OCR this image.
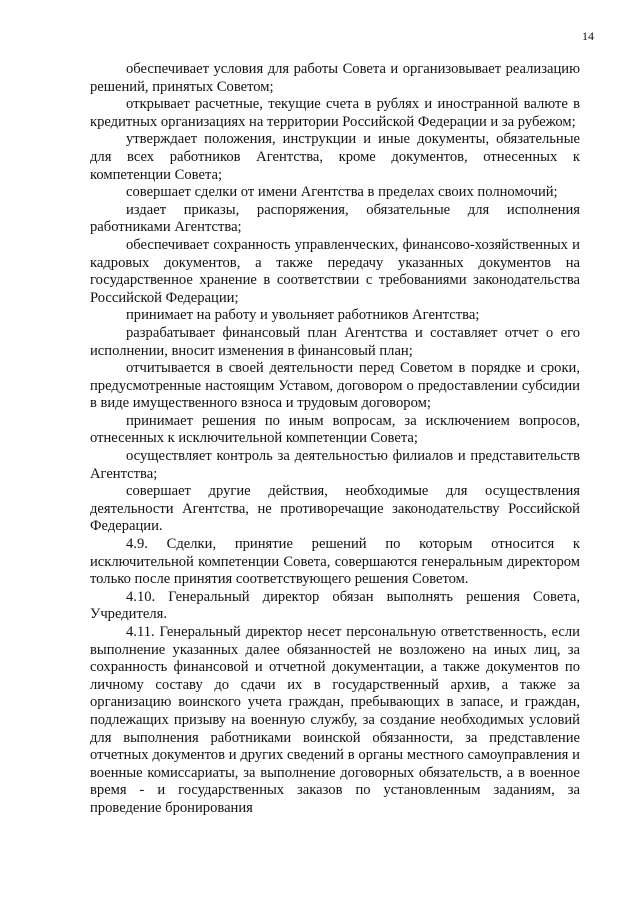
14

обеспечивает условия для работы Совета и организовывает реализацию решений, принятых Советом;

открывает расчетные, текущие счета в рублях и иностранной валюте в кредитных организациях на территории Российской Федерации и за рубежом;

утверждает положения, инструкции и иные документы, обязательные для всех работников Агентства, кроме документов, отнесенных к компетенции Совета;

совершает сделки от имени Агентства в пределах своих полномочий;

издает приказы, распоряжения, обязательные для исполнения работниками Агентства;

обеспечивает сохранность управленческих, финансово-хозяйственных и кадровых документов, а также передачу указанных документов на государственное хранение в соответствии с требованиями законодательства Российской Федерации;

принимает на работу и увольняет работников Агентства;

разрабатывает финансовый план Агентства и составляет отчет о его исполнении, вносит изменения в финансовый план;

отчитывается в своей деятельности перед Советом в порядке и сроки, предусмотренные настоящим Уставом, договором о предоставлении субсидии в виде имущественного взноса и трудовым договором;

принимает решения по иным вопросам, за исключением вопросов, отнесенных к исключительной компетенции Совета;

осуществляет контроль за деятельностью филиалов и представительств Агентства;

совершает другие действия, необходимые для осуществления деятельности Агентства, не противоречащие законодательству Российской Федерации.

4.9. Сделки, принятие решений по которым относится к исключительной компетенции Совета, совершаются генеральным директором только после принятия соответствующего решения Советом.

4.10. Генеральный директор обязан выполнять решения Совета, Учредителя.

4.11. Генеральный директор несет персональную ответственность, если выполнение указанных далее обязанностей не возложено на иных лиц, за сохранность финансовой и отчетной документации, а также документов по личному составу до сдачи их в государственный архив, а также за организацию воинского учета граждан, пребывающих в запасе, и граждан, подлежащих призыву на военную службу, за создание необходимых условий для выполнения работниками воинской обязанности, за представление отчетных документов и других сведений в органы местного самоуправления и военные комиссариаты, за выполнение договорных обязательств, а в военное время - и государственных заказов по установленным заданиям, за проведение бронирования
